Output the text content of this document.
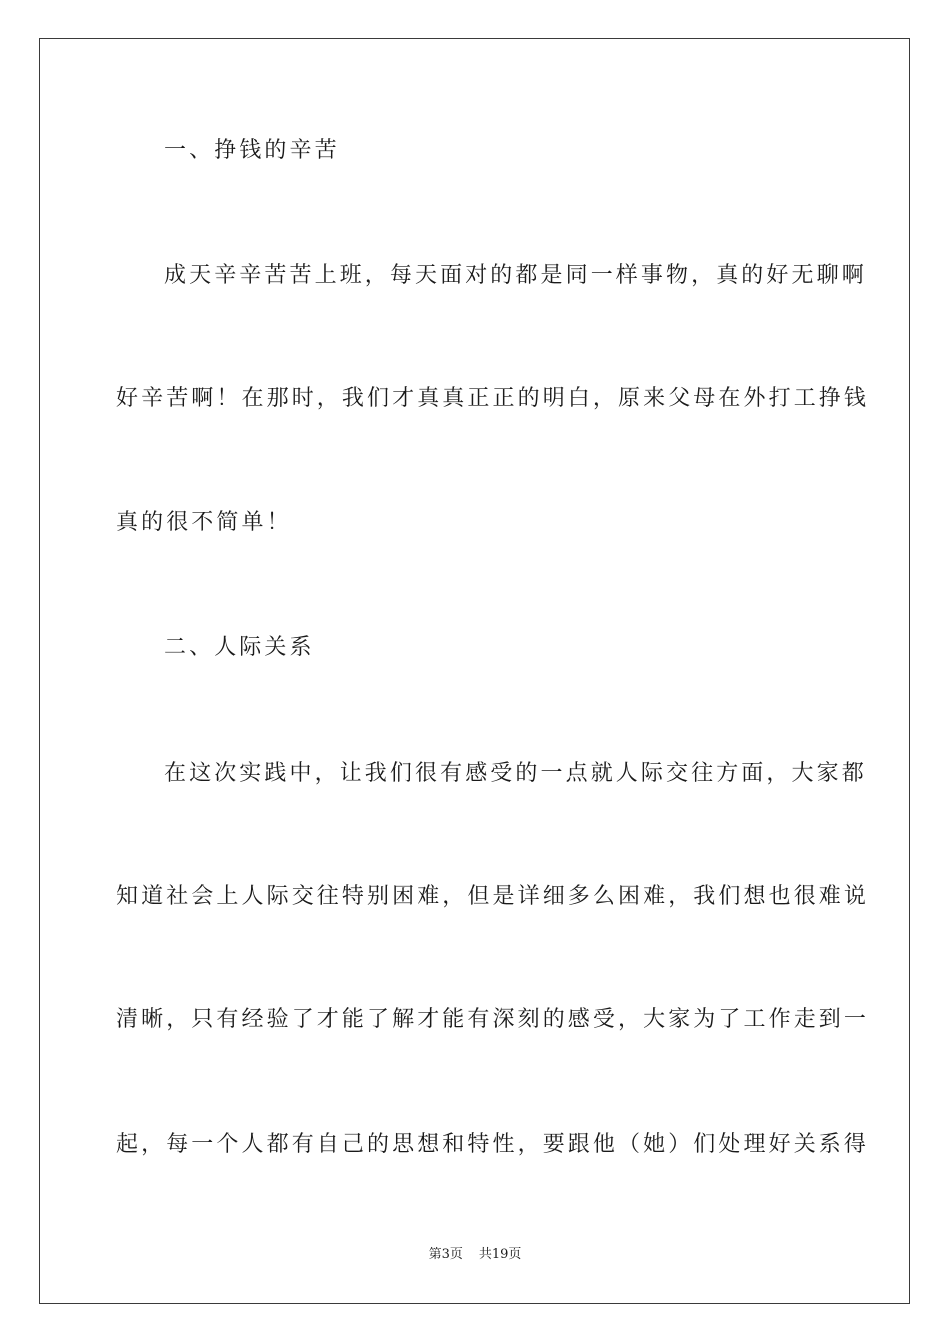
一、挣钱的辛苦
成天辛辛苦苦上班，每天面对的都是同一样事物，真的好无聊啊
好辛苦啊！在那时，我们才真真正正的明白，原来父母在外打工挣钱
真的很不简单！
二、人际关系
在这次实践中，让我们很有感受的一点就人际交往方面，大家都
知道社会上人际交往特别困难，但是详细多么困难，我们想也很难说
清晰，只有经验了才能了解才能有深刻的感受，大家为了工作走到一
起，每一个人都有自己的思想和特性，要跟他（她）们处理好关系得
第3页 共19页
